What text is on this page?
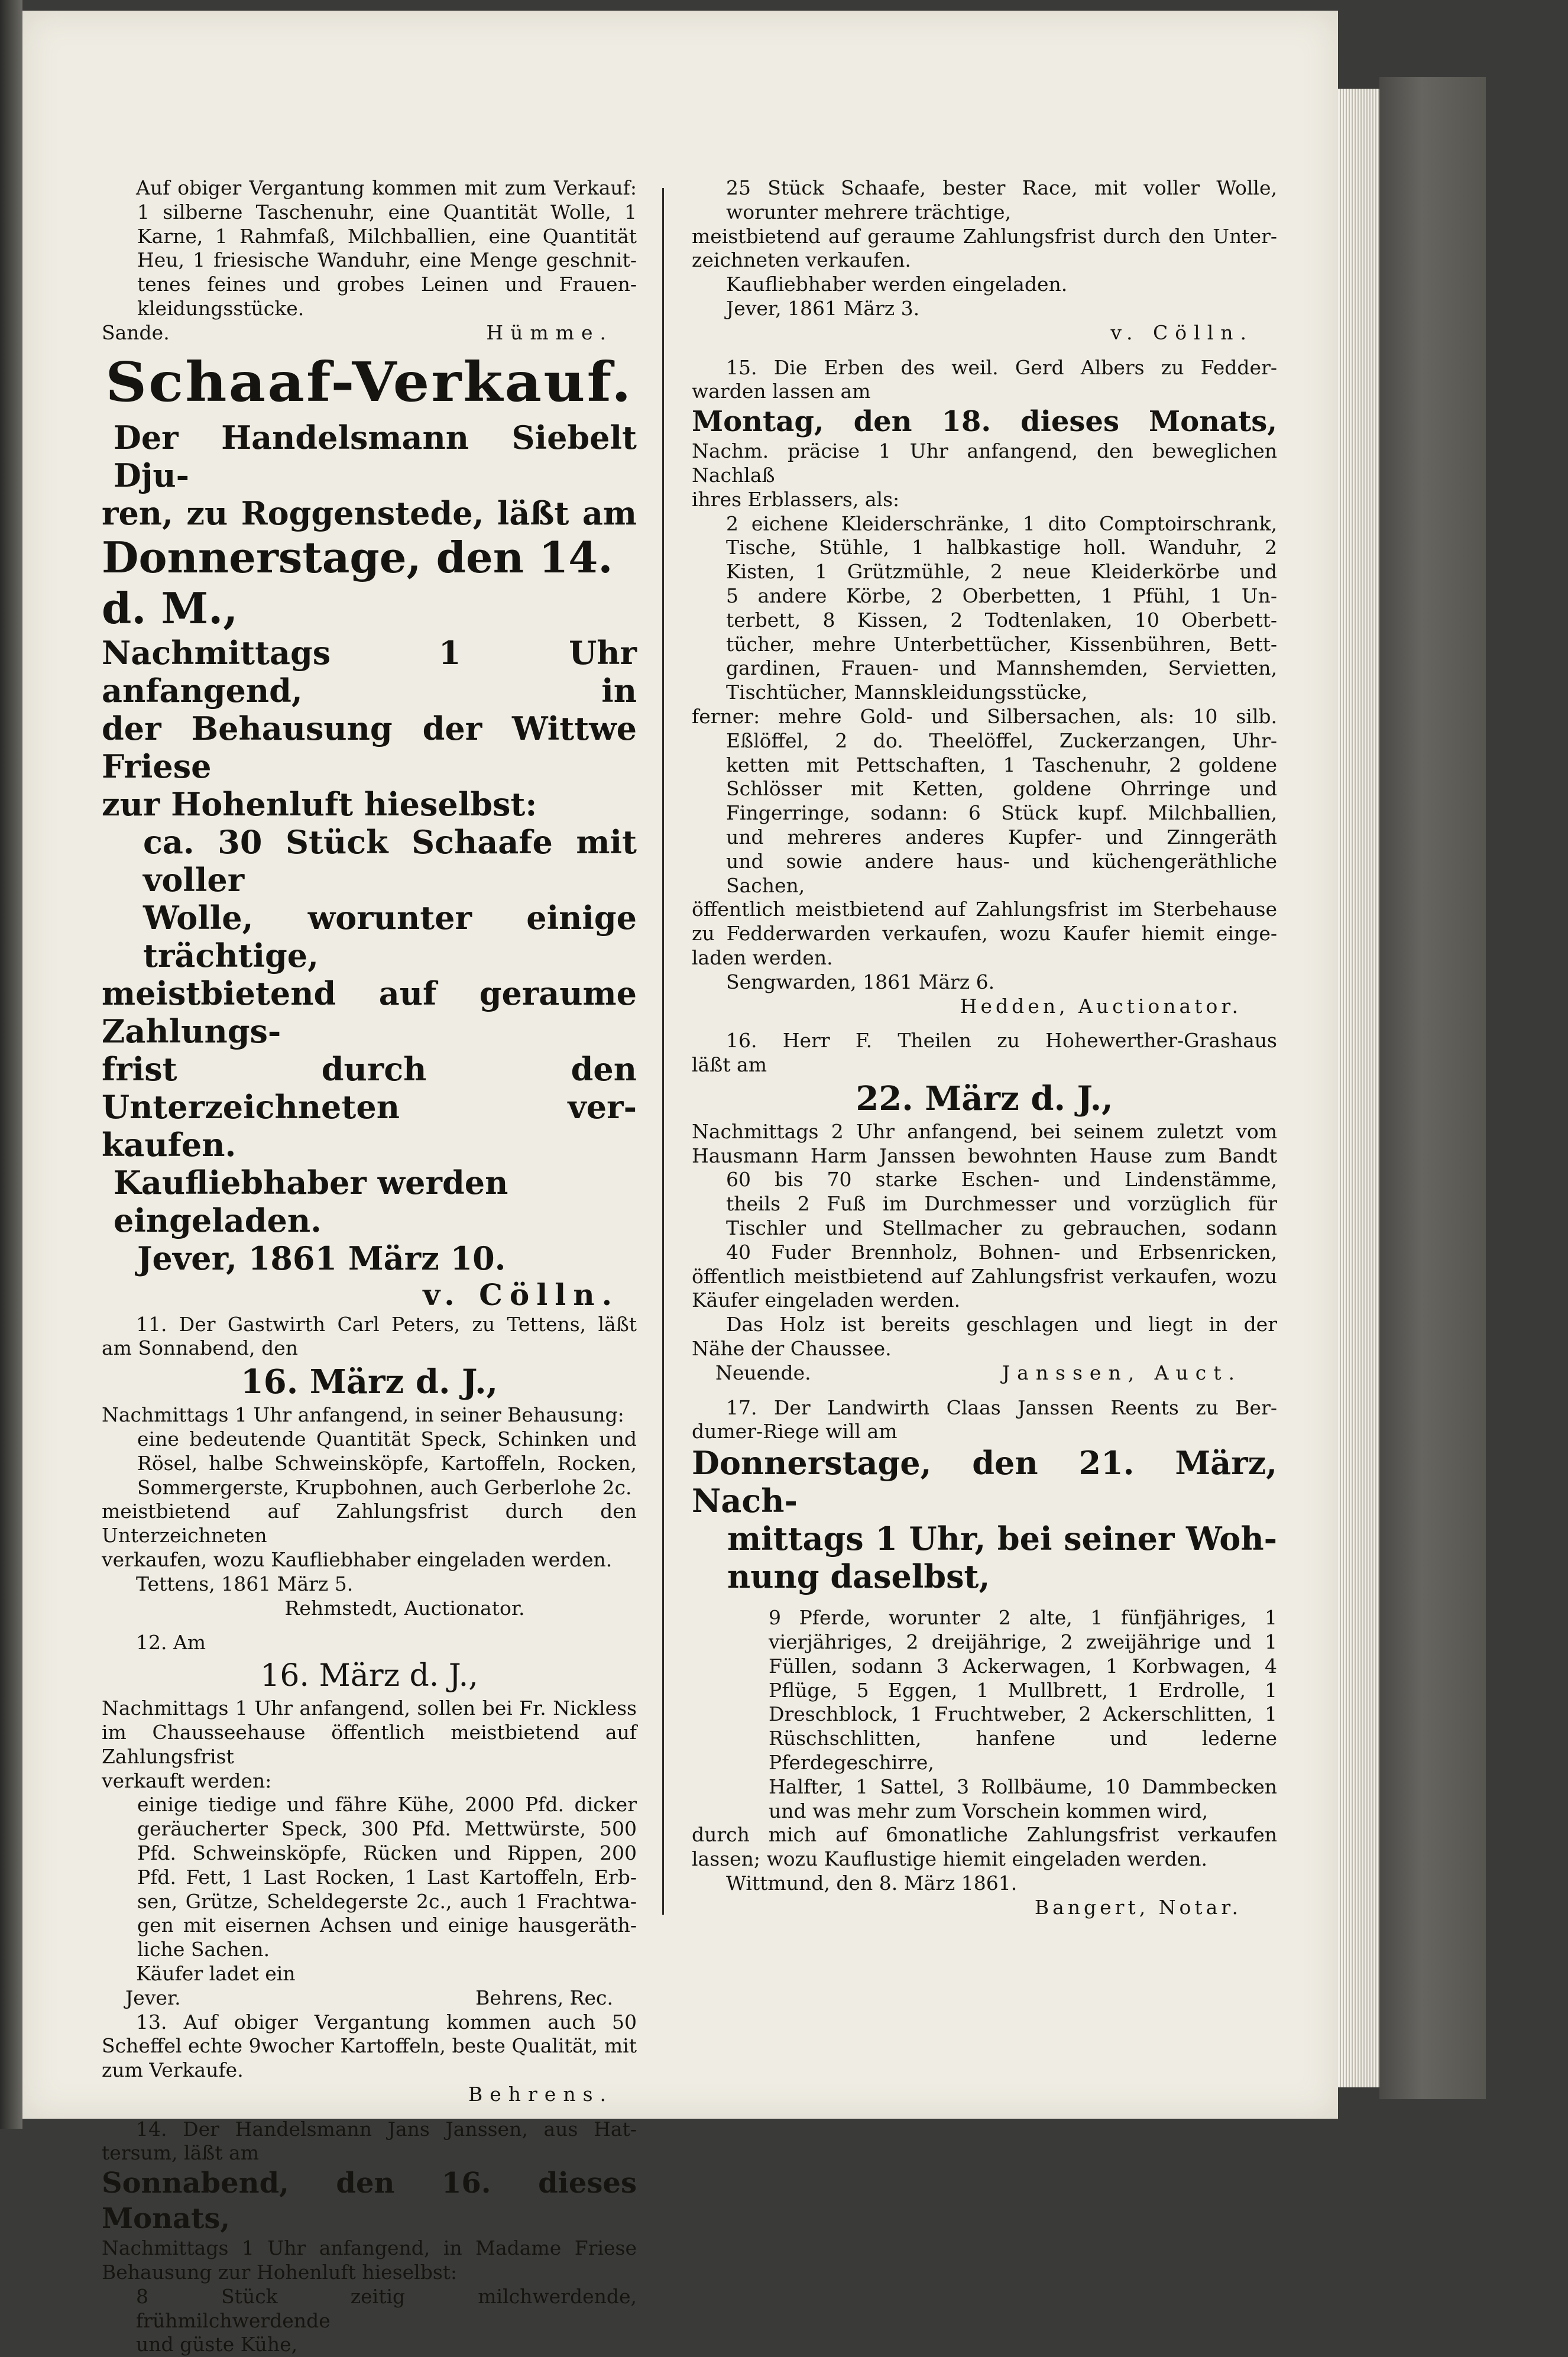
Auf obiger Vergantung kommen mit zum Verkauf:

1 silberne Taschenuhr, eine Quantität Wolle, 1

Karne, 1 Rahmfaß, Milchballien, eine Quantität

Heu, 1 friesische Wanduhr, eine Menge geschnit-

tenes feines und grobes Leinen und Frauen-

kleidungsstücke.

Sande.	Hümme.
Schaaf-Verkauf.

Der Handelsmann Siebelt Dju-

ren, zu Roggenstede, läßt am

Donnerstage, den 14. d. M.,

Nachmittags 1 Uhr anfangend, in

der Behausung der Wittwe Friese

zur Hohenluft hieselbst:

ca. 30 Stück Schaafe mit voller

Wolle, worunter einige trächtige,

meistbietend auf geraume Zahlungs-

frist durch den Unterzeichneten ver-

kaufen.

Kaufliebhaber werden eingeladen.

Jever, 1861 März 10.

v. Cölln.

11. Der Gastwirth Carl Peters, zu Tettens, läßt

am Sonnabend, den

16. März d. J.,

Nachmittags 1 Uhr anfangend, in seiner Behausung:

eine bedeutende Quantität Speck, Schinken und

Rösel, halbe Schweinsköpfe, Kartoffeln, Rocken,

Sommergerste, Krupbohnen, auch Gerberlohe 2c.

meistbietend auf Zahlungsfrist durch den Unterzeichneten

verkaufen, wozu Kaufliebhaber eingeladen werden.

Tettens, 1861 März 5.

Rehmstedt, Auctionator.

12. Am

16. März d. J.,

Nachmittags 1 Uhr anfangend, sollen bei Fr. Nickless

im Chausseehause öffentlich meistbietend auf Zahlungsfrist

verkauft werden:

einige tiedige und fähre Kühe, 2000 Pfd. dicker

geräucherter Speck, 300 Pfd. Mettwürste, 500

Pfd. Schweinsköpfe, Rücken und Rippen, 200

Pfd. Fett, 1 Last Rocken, 1 Last Kartoffeln, Erb-

sen, Grütze, Scheldegerste 2c., auch 1 Frachtwa-

gen mit eisernen Achsen und einige hausgeräth-

liche Sachen.

Käufer ladet ein

Jever.	Behrens, Rec.

13. Auf obiger Vergantung kommen auch 50

Scheffel echte 9wocher Kartoffeln, beste Qualität, mit

zum Verkaufe.

Behrens.

14. Der Handelsmann Jans Janssen, aus Hat-

tersum, läßt am

Sonnabend, den 16. dieses Monats,

Nachmittags 1 Uhr anfangend, in Madame Friese

Behausung zur Hohenluft hieselbst:

8 Stück zeitig milchwerdende, frühmilchwerdende

und güste Kühe,

25 Stück Schaafe, bester Race, mit voller Wolle,

worunter mehrere trächtige,

meistbietend auf geraume Zahlungsfrist durch den Unter-

zeichneten verkaufen.

Kaufliebhaber werden eingeladen.

Jever, 1861 März 3.

v. Cölln.

15. Die Erben des weil. Gerd Albers zu Fedder-

warden lassen am

Montag, den 18. dieses Monats,

Nachm. präcise 1 Uhr anfangend, den beweglichen Nachlaß

ihres Erblassers, als:

2 eichene Kleiderschränke, 1 dito Comptoirschrank,

Tische, Stühle, 1 halbkastige holl. Wanduhr, 2

Kisten, 1 Grützmühle, 2 neue Kleiderkörbe und

5 andere Körbe, 2 Oberbetten, 1 Pfühl, 1 Un-

terbett, 8 Kissen, 2 Todtenlaken, 10 Oberbett-

tücher, mehre Unterbettücher, Kissenbühren, Bett-

gardinen, Frauen- und Mannshemden, Servietten,

Tischtücher, Mannskleidungsstücke,

ferner: mehre Gold- und Silbersachen, als: 10 silb.

Eßlöffel, 2 do. Theelöffel, Zuckerzangen, Uhr-

ketten mit Pettschaften, 1 Taschenuhr, 2 goldene

Schlösser mit Ketten, goldene Ohrringe und

Fingerringe, sodann: 6 Stück kupf. Milchballien,

und mehreres anderes Kupfer- und Zinngeräth

und sowie andere haus- und küchengeräthliche

Sachen,

öffentlich meistbietend auf Zahlungsfrist im Sterbehause

zu Fedderwarden verkaufen, wozu Kaufer hiemit einge-

laden werden.

Sengwarden, 1861 März 6.

Hedden, Auctionator.

16. Herr F. Theilen zu Hohewerther-Grashaus

läßt am

22. März d. J.,

Nachmittags 2 Uhr anfangend, bei seinem zuletzt vom

Hausmann Harm Janssen bewohnten Hause zum Bandt

60 bis 70 starke Eschen- und Lindenstämme,

theils 2 Fuß im Durchmesser und vorzüglich für

Tischler und Stellmacher zu gebrauchen, sodann

40 Fuder Brennholz, Bohnen- und Erbsenricken,

öffentlich meistbietend auf Zahlungsfrist verkaufen, wozu

Käufer eingeladen werden.

Das Holz ist bereits geschlagen und liegt in der

Nähe der Chaussee.

Neuende.	Janssen, Auct.

17. Der Landwirth Claas Janssen Reents zu Ber-

dumer-Riege will am

Donnerstage, den 21. März, Nach-

mittags 1 Uhr, bei seiner Woh-

nung daselbst,

9 Pferde, worunter 2 alte, 1 fünfjähriges, 1

vierjähriges, 2 dreijährige, 2 zweijährige und 1

Füllen, sodann 3 Ackerwagen, 1 Korbwagen, 4

Pflüge, 5 Eggen, 1 Mullbrett, 1 Erdrolle, 1

Dreschblock, 1 Fruchtweber, 2 Ackerschlitten, 1

Rüschschlitten, hanfene und lederne Pferdegeschirre,

Halfter, 1 Sattel, 3 Rollbäume, 10 Dammbecken

und was mehr zum Vorschein kommen wird,

durch mich auf 6monatliche Zahlungsfrist verkaufen

lassen; wozu Kauflustige hiemit eingeladen werden.

Wittmund, den 8. März 1861.

Bangert, Notar.
